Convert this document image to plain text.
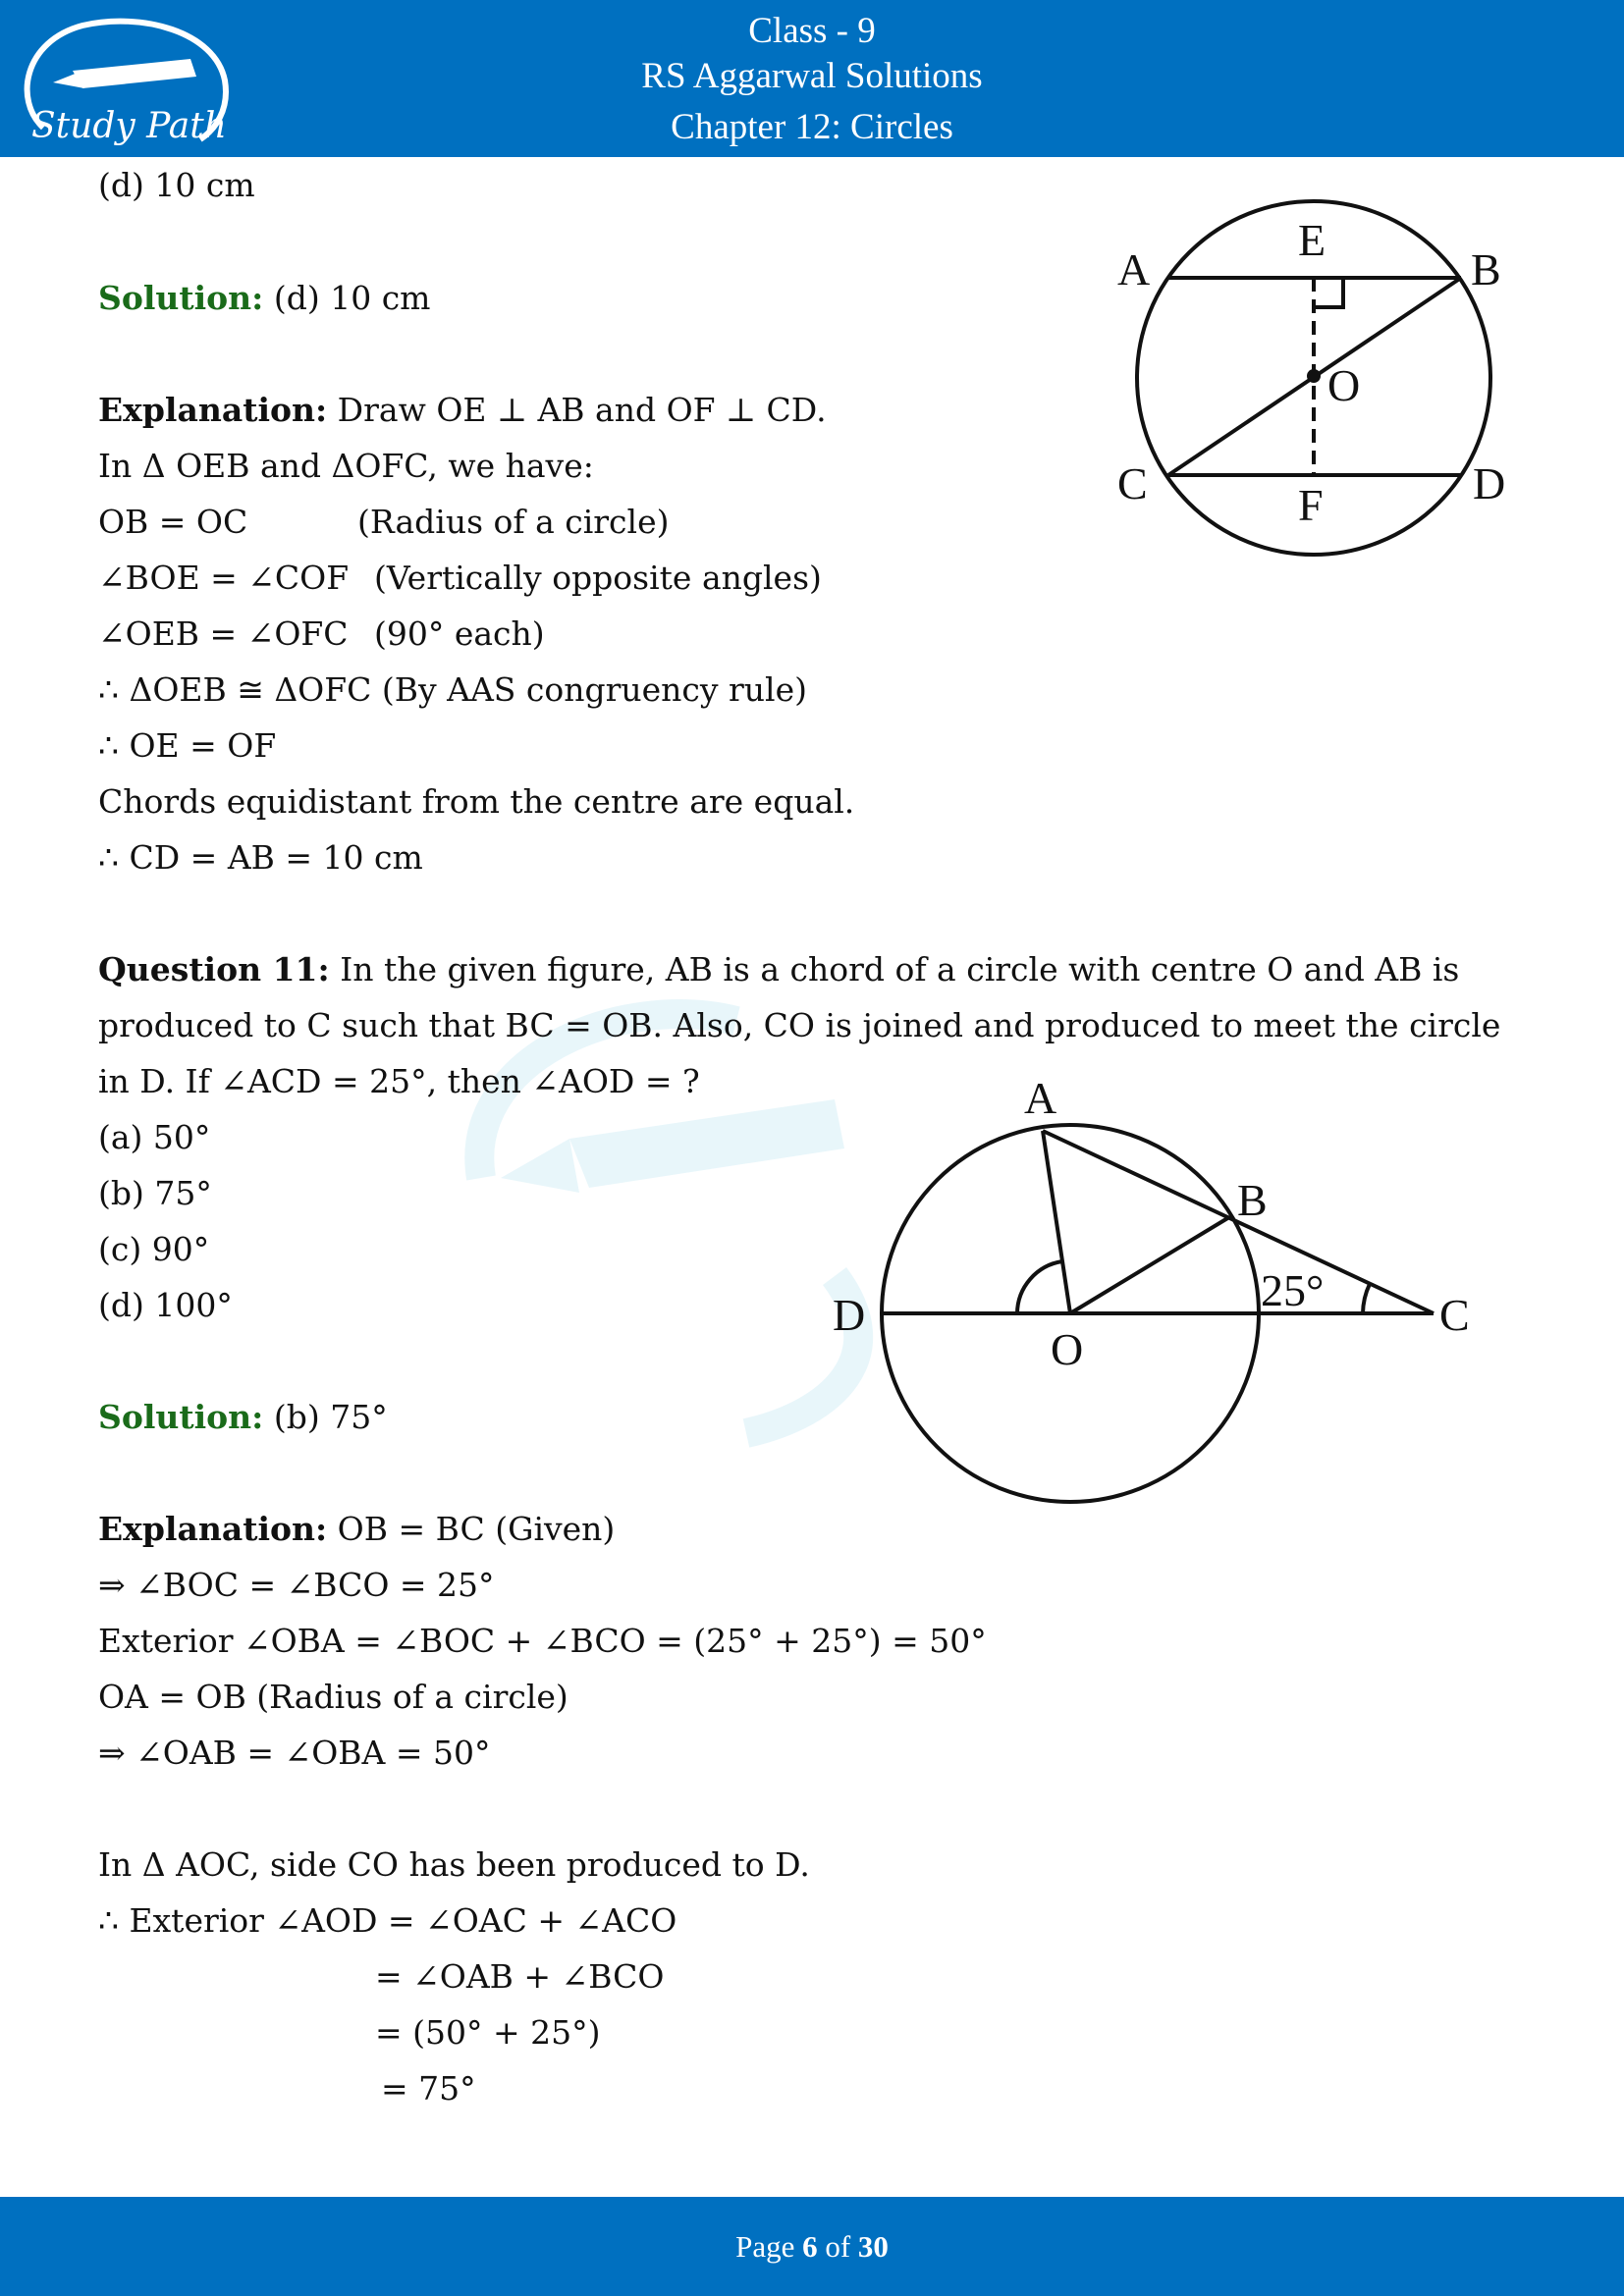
Study Path
Class - 9
RS Aggarwal Solutions
Chapter 12: Circles
(d) 10 cm
Solution: (d) 10 cm
Explanation: Draw OE ⊥ AB and OF ⊥ CD.
In Δ OEB and ΔOFC, we have:
OB = OC	(Radius of a circle)
∠BOE = ∠COF (Vertically opposite angles)
∠OEB = ∠OFC (90° each)
∴ ΔOEB ≅ ΔOFC (By AAS congruency rule)
∴ OE = OF
Chords equidistant from the centre are equal.
∴ CD = AB = 10 cm
A
E
B
O
C	F	D
Question 11: In the given figure, AB is a chord of a circle with centre O and AB is
produced to C such that BC = OB. Also, CO is joined and produced to meet the circle
in D. If ∠ACD = 25°, then ∠AOD = ?
(a) 50°
(b) 75°
(c) 90°
(d) 100°
Solution: (b) 75°
Explanation: OB = BC (Given)
⇒ ∠BOC = ∠BCO = 25°
Exterior ∠OBA = ∠BOC + ∠BCO = (25° + 25°) = 50°
OA = OB (Radius of a circle)
⇒ ∠OAB = ∠OBA = 50°
In Δ AOC, side CO has been produced to D.
∴ Exterior ∠AOD = ∠OAC + ∠ACO
= ∠OAB + ∠BCO
= (50° + 25°)
= 75°
A
B
C
D
O
25°
Page 6 of 30
